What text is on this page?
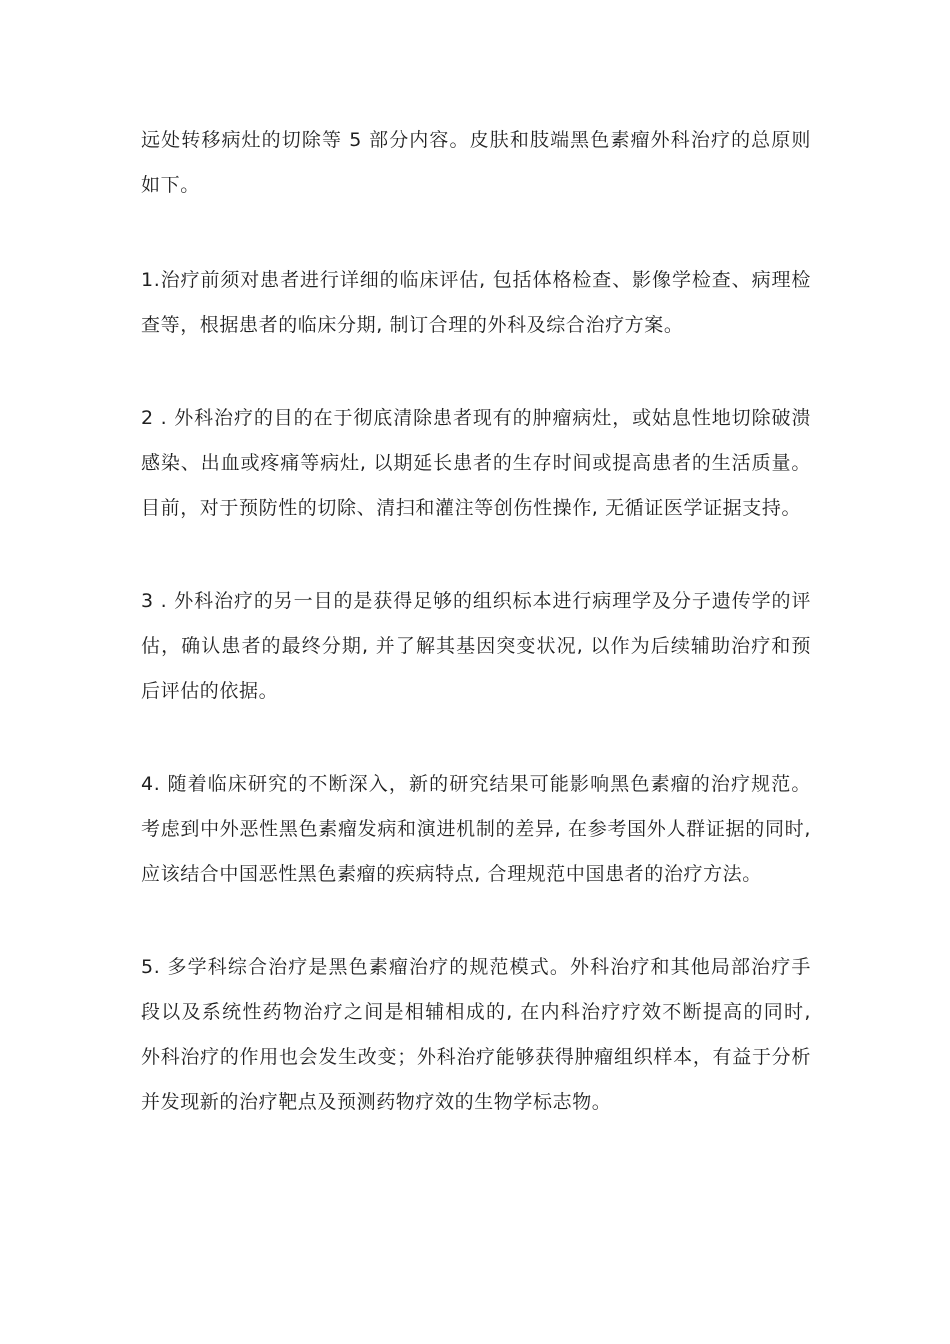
远处转移病灶的切除等 5 部分内容。皮肤和肢端黑色素瘤外科治疗的总原则如下。

1.治疗前须对患者进行详细的临床评估, 包括体格检查、影像学检查、病理检查等，根据患者的临床分期, 制订合理的外科及综合治疗方案。

2 . 外科治疗的目的在于彻底清除患者现有的肿瘤病灶，或姑息性地切除破溃感染、出血或疼痛等病灶, 以期延长患者的生存时间或提高患者的生活质量。目前，对于预防性的切除、清扫和灌注等创伤性操作, 无循证医学证据支持。

3 . 外科治疗的另一目的是获得足够的组织标本进行病理学及分子遗传学的评估，确认患者的最终分期, 并了解其基因突变状况, 以作为后续辅助治疗和预后评估的依据。

4. 随着临床研究的不断深入，新的研究结果可能影响黑色素瘤的治疗规范。考虑到中外恶性黑色素瘤发病和演进机制的差异, 在参考国外人群证据的同时, 应该结合中国恶性黑色素瘤的疾病特点, 合理规范中国患者的治疗方法。

5. 多学科综合治疗是黑色素瘤治疗的规范模式。外科治疗和其他局部治疗手段以及系统性药物治疗之间是相辅相成的, 在内科治疗疗效不断提高的同时, 外科治疗的作用也会发生改变；外科治疗能够获得肿瘤组织样本，有益于分析并发现新的治疗靶点及预测药物疗效的生物学标志物。
